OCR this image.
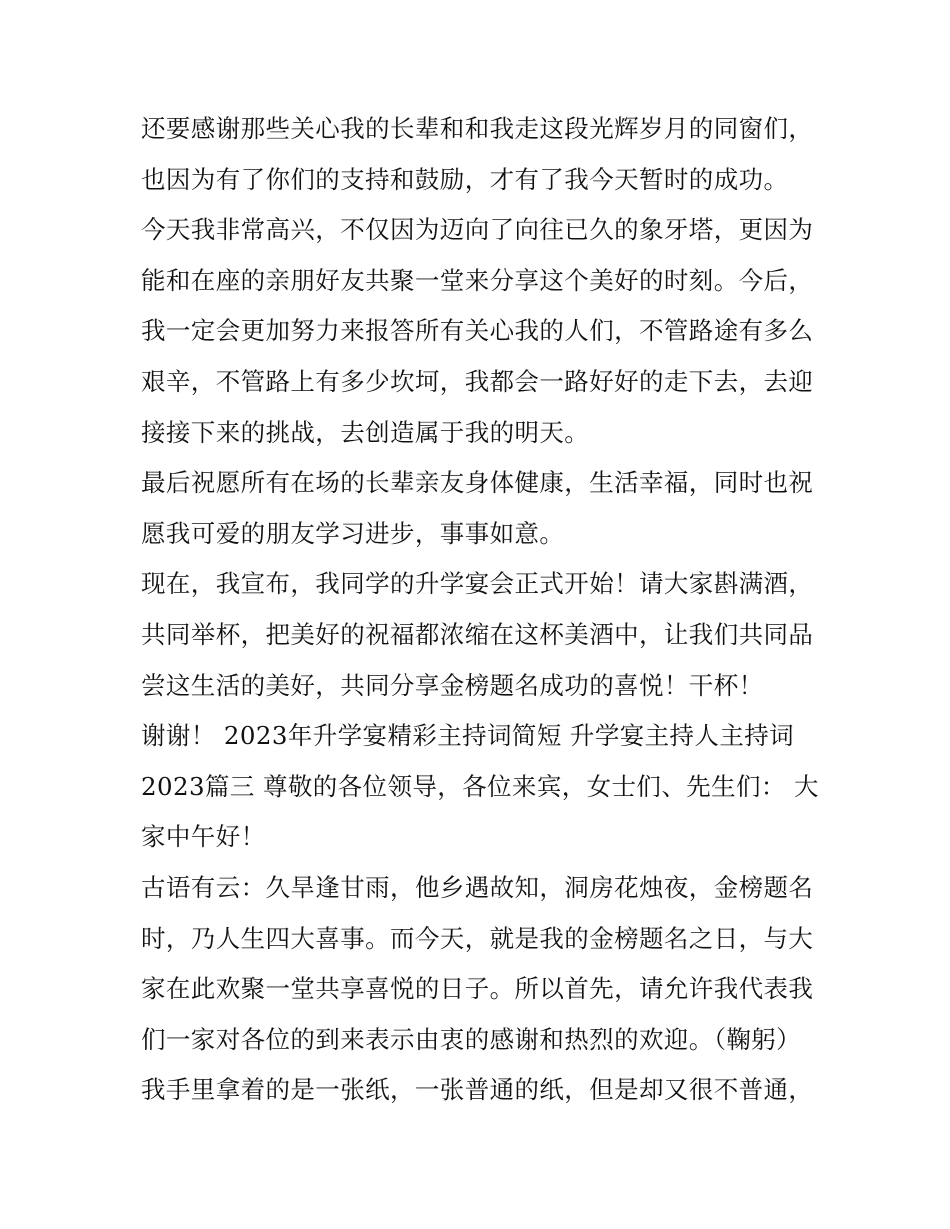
还要感谢那些关心我的长辈和和我走这段光辉岁月的同窗们，
也因为有了你们的支持和鼓励，才有了我今天暂时的成功。
今天我非常高兴，不仅因为迈向了向往已久的象牙塔，更因为
能和在座的亲朋好友共聚一堂来分享这个美好的时刻。今后，
我一定会更加努力来报答所有关心我的人们，不管路途有多么
艰辛，不管路上有多少坎坷，我都会一路好好的走下去，去迎
接接下来的挑战，去创造属于我的明天。
最后祝愿所有在场的长辈亲友身体健康，生活幸福，同时也祝
愿我可爱的朋友学习进步，事事如意。
现在，我宣布，我同学的升学宴会正式开始！请大家斟满酒，
共同举杯，把美好的祝福都浓缩在这杯美酒中，让我们共同品
尝这生活的美好，共同分享金榜题名成功的喜悦！干杯！
谢谢！ 2023年升学宴精彩主持词简短 升学宴主持人主持词
2023篇三 尊敬的各位领导，各位来宾，女士们、先生们： 大
家中午好！
古语有云：久旱逢甘雨，他乡遇故知，洞房花烛夜，金榜题名
时，乃人生四大喜事。而今天，就是我的金榜题名之日，与大
家在此欢聚一堂共享喜悦的日子。所以首先，请允许我代表我
们一家对各位的到来表示由衷的感谢和热烈的欢迎。（鞠躬）
我手里拿着的是一张纸，一张普通的纸，但是却又很不普通，
